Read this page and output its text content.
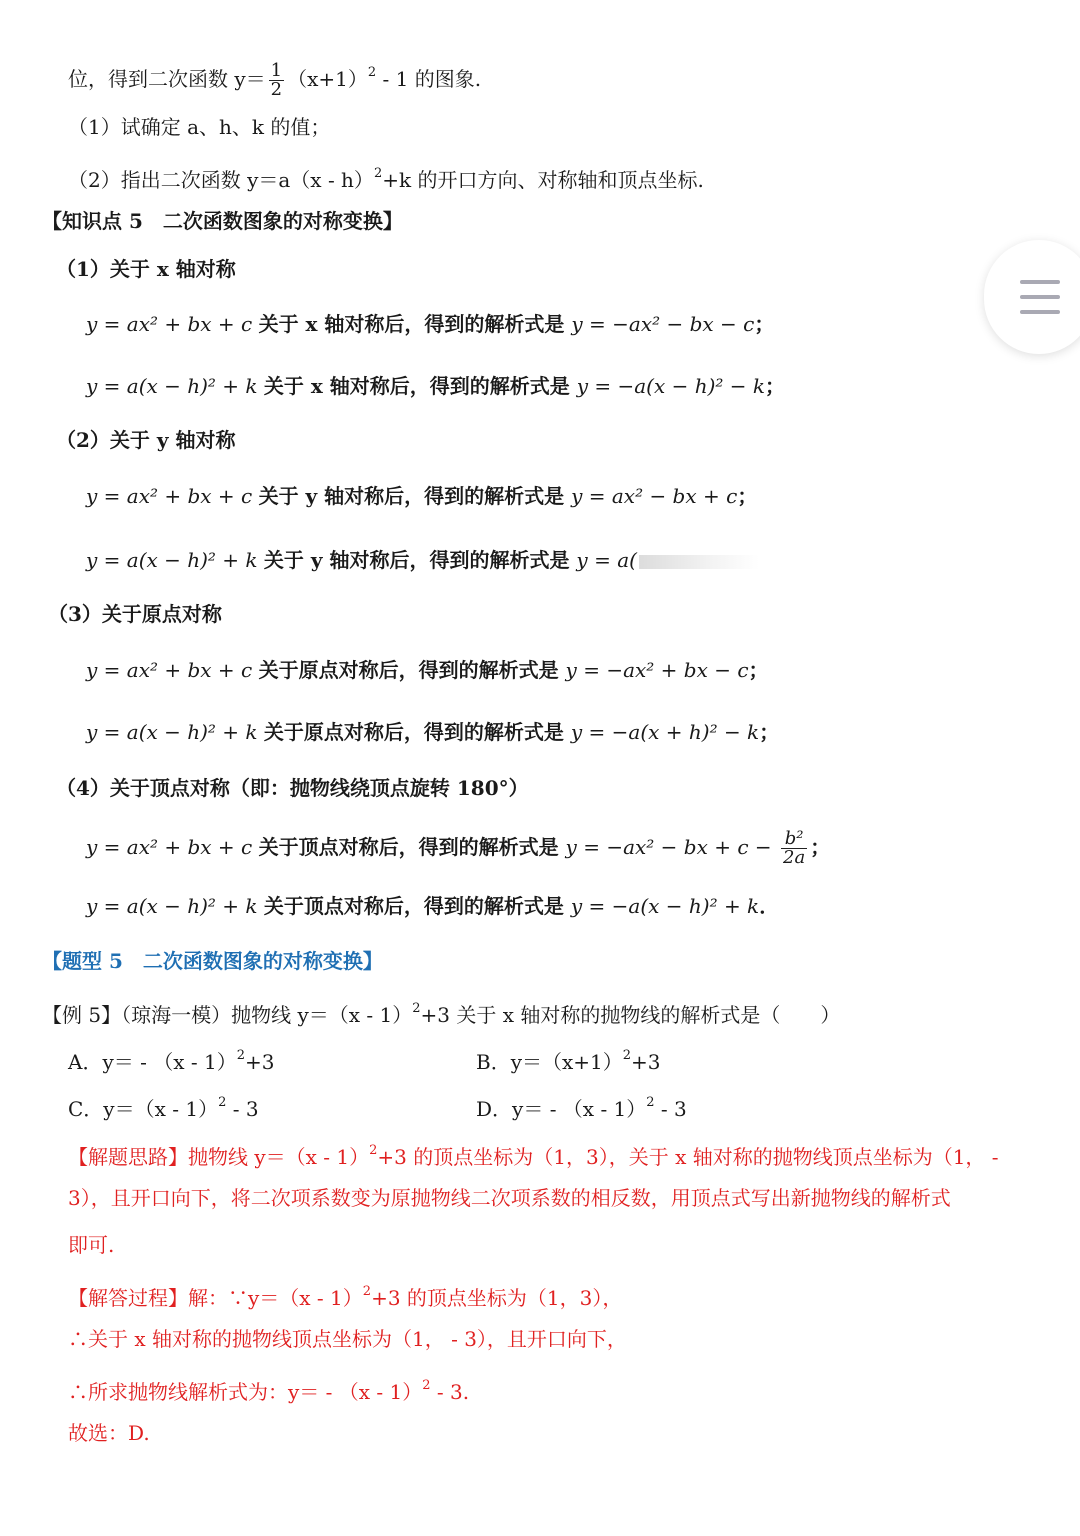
位，得到二次函数 $y= \frac{1}{2} (x+1)^2 - 1$ 的图象.
（1）试确定 a、h、k 的值；
（2）指出二次函数 y＝a（x - h）$^2$+k 的开口方向、对称轴和顶点坐标.
【知识点 5　二次函数图象的对称变换】
（1）关于 x 轴对称
y = ax² + bx + c 关于 x 轴对称后，得到的解析式是 y = −ax² − bx − c；
y = a(x − h)² + k 关于 x 轴对称后，得到的解析式是 y = −a(x − h)² − k；
（2）关于 y 轴对称
y = ax² + bx + c 关于 y 轴对称后，得到的解析式是 y = ax² − bx + c；
y = a(x − h)² + k 关于 y 轴对称后，得到的解析式是 y = a(
（3）关于原点对称
y = ax² + bx + c 关于原点对称后，得到的解析式是 y = −ax² + bx − c；
y = a(x − h)² + k 关于原点对称后，得到的解析式是 y = −a(x + h)² − k；
（4）关于顶点对称（即：抛物线绕顶点旋转 180°）
y = ax² + bx + c 关于顶点对称后，得到的解析式是 y = −ax² − bx + $c - \frac{\text{b²}}{2a}$ ；
y = a(x − h)² + k 关于顶点对称后，得到的解析式是 y = −a(x − h)² + k．
【题型 5　二次函数图象的对称变换】
【例 5】（琼海一模）抛物线 y＝（x - 1）$^2$+3 关于 x 轴对称的抛物线的解析式是（　　）
A．y＝ - （x - 1）$^2$+3	B．$y=(x+1)^2+3$
C．y＝（x - 1）$^2$ - 3	D．y＝ - （x - 1）$^2$ - 3
【解题思路】抛物线 y＝（x - 1）$^2$+3 的顶点坐标为（1，3），关于 x 轴对称的抛物线顶点坐标为（1， -
3），且开口向下，将二次项系数变为原抛物线二次项系数的相反数，用顶点式写出新抛物线的解析式
即可.
【解答过程】解：∵y＝（x - 1）$^2$+3 的顶点坐标为（1，3），
∴关于 x 轴对称的抛物线顶点坐标为（1， - 3），且开口向下，
∴所求抛物线解析式为：y＝ - （x - 1）$^2$ - 3.
故选：D.
